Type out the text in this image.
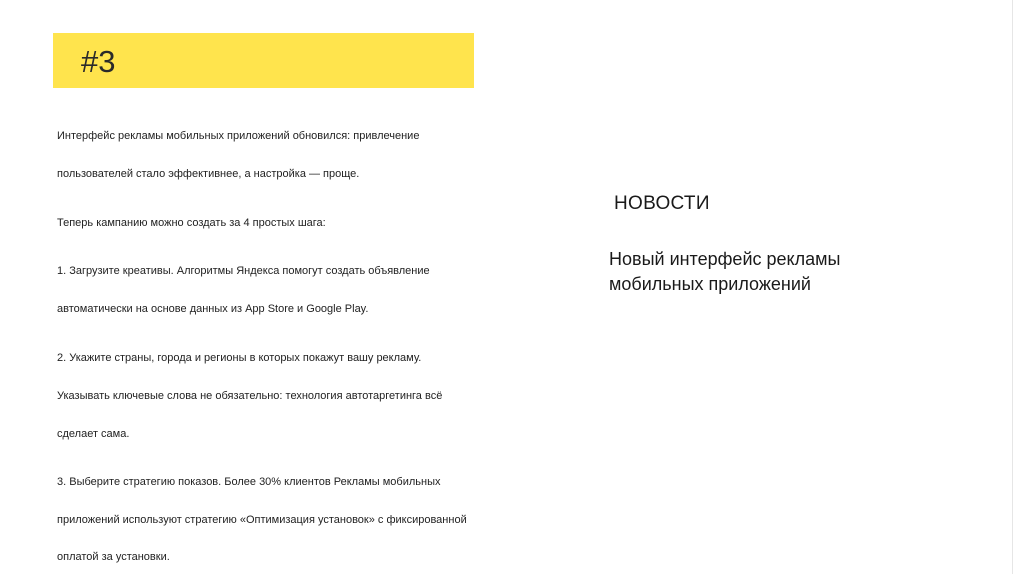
#3
Интерфейс рекламы мобильных приложений обновился: привлечение
пользователей стало эффективнее, а настройка — проще.
Теперь кампанию можно создать за 4 простых шага:
1. Загрузите креативы. Алгоритмы Яндекса помогут создать объявление
автоматически на основе данных из App Store и Google Play.
2. Укажите страны, города и регионы в которых покажут вашу рекламу.
Указывать ключевые слова не обязательно: технология автотаргетинга всё
сделает сама.
3. Выберите стратегию показов. Более 30% клиентов Рекламы мобильных
приложений используют стратегию «Оптимизация установок» с фиксированной
оплатой за установки.
НОВОСТИ
Новый интерфейс рекламы
мобильных приложений
